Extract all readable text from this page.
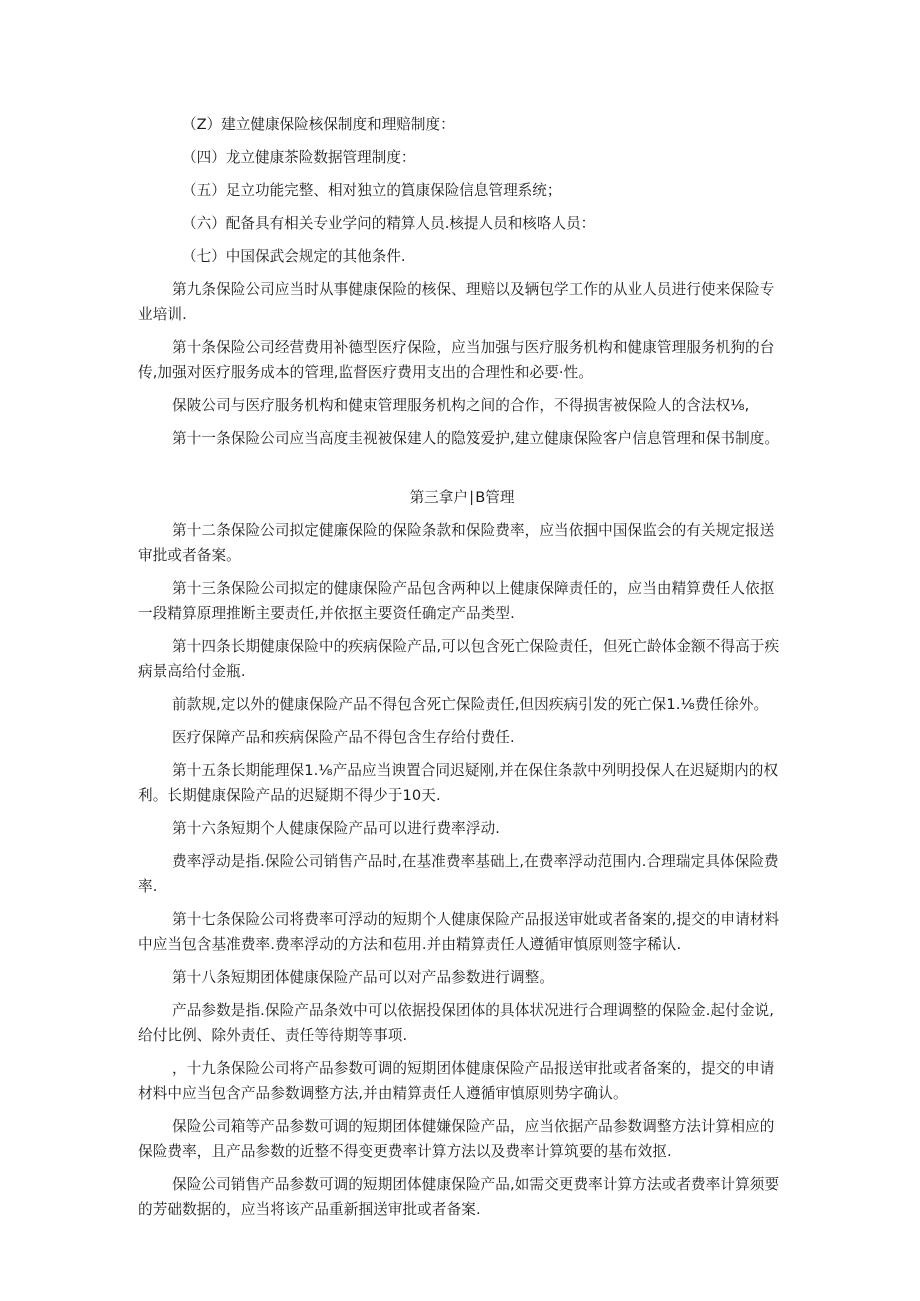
（Z）建立健康保险核保制度和理赔制度：
（四）龙立健康茶险数据管理制度：
（五）足立功能完整、相对独立的篔康保险信息管理系统；
（六）配备具有相关专业学问的精算人员.核提人员和核咯人员：
（七）中国保武会规定的其他条件.

第九条保险公司应当时从事健康保险的核保、理赔以及辆包学工作的从业人员进行使来保险专业培训.

第十条保险公司经营费用补德型医疗保险，应当加强与医疗服务机构和健康管理服务机狗的台传,加强对医疗服务成本的管理,监督医疗费用支出的合理性和必要·性。

保陂公司与医疗服务机构和健束管理服务机构之间的合作，不得损害被保险人的含法权⅛,

第十一条保险公司应当高度圭视被保建人的隐笈爱护,建立健康保险客户信息管理和保书制度。

第三拿户∣B管理

第十二条保险公司拟定健廉保险的保险条款和保险费率，应当依掴中国保监会的有关规定报送审批或者备案。

第十三条保险公司拟定的健康保险产品包含两种以上健康保障责任的，应当由精算费任人依抠一段精算原理推断主要责任,并依抠主要资任确定产品类型.

第十四条长期健康保险中的疾病保险产品,可以包含死亡保险责任，但死亡龄体金额不得高于疾病景高给付金瓶.

前款规,定以外的健康保险产品不得包含死亡保险责任,但因疾病引发的死亡保1.⅛费任徐外。

医疗保障产品和疾病保险产品不得包含生存给付费任.

第十五条长期能理保1.⅛产品应当谀置合同迟疑刚,并在保住条款中列明投保人在迟疑期内的权利。长期健康保险产品的迟疑期不得少于10天.

第十六条短期个人健康保险产品可以进行费率浮动.

费率浮动是指.保险公司销售产品时,在基准费率基础上,在费率浮动范围内.合理瑞定具体保险费率.

第十七条保险公司将费率可浮动的短期个人健康保险产品报送审妣或者备案的,提交的申请材料中应当包含基准费率.费率浮动的方法和苞用.并由精算责任人遵循审慎原则签字稀认.

第十八条短期团体健康保险产品可以对产品参数进行调整。

产品参数是指.保险产品条效中可以依据投保团体的具体状况进行合理调整的保险金.起付金说,给付比例、除外责任、责任等待期等事项.

，十九条保险公司将产品参数可调的短期团体健康保险产品报送审批或者备案的，提交的申请材料中应当包含产品参数调整方法,并由精算责任人遵循审慎原则势字确认。

保险公司箱等产品参数可调的短期团体健嫌保险产品，应当依据产品参数调整方法计算相应的保险费率，且产品参数的近整不得变更费率计算方法以及费率计算筑要的基布效抠.

保险公司销售产品参数可调的短期团体健康保险产品,如需交更费率计算方法或者费率计算须要的芳础数据的，应当将该产品重新掴送审批或者备案.
